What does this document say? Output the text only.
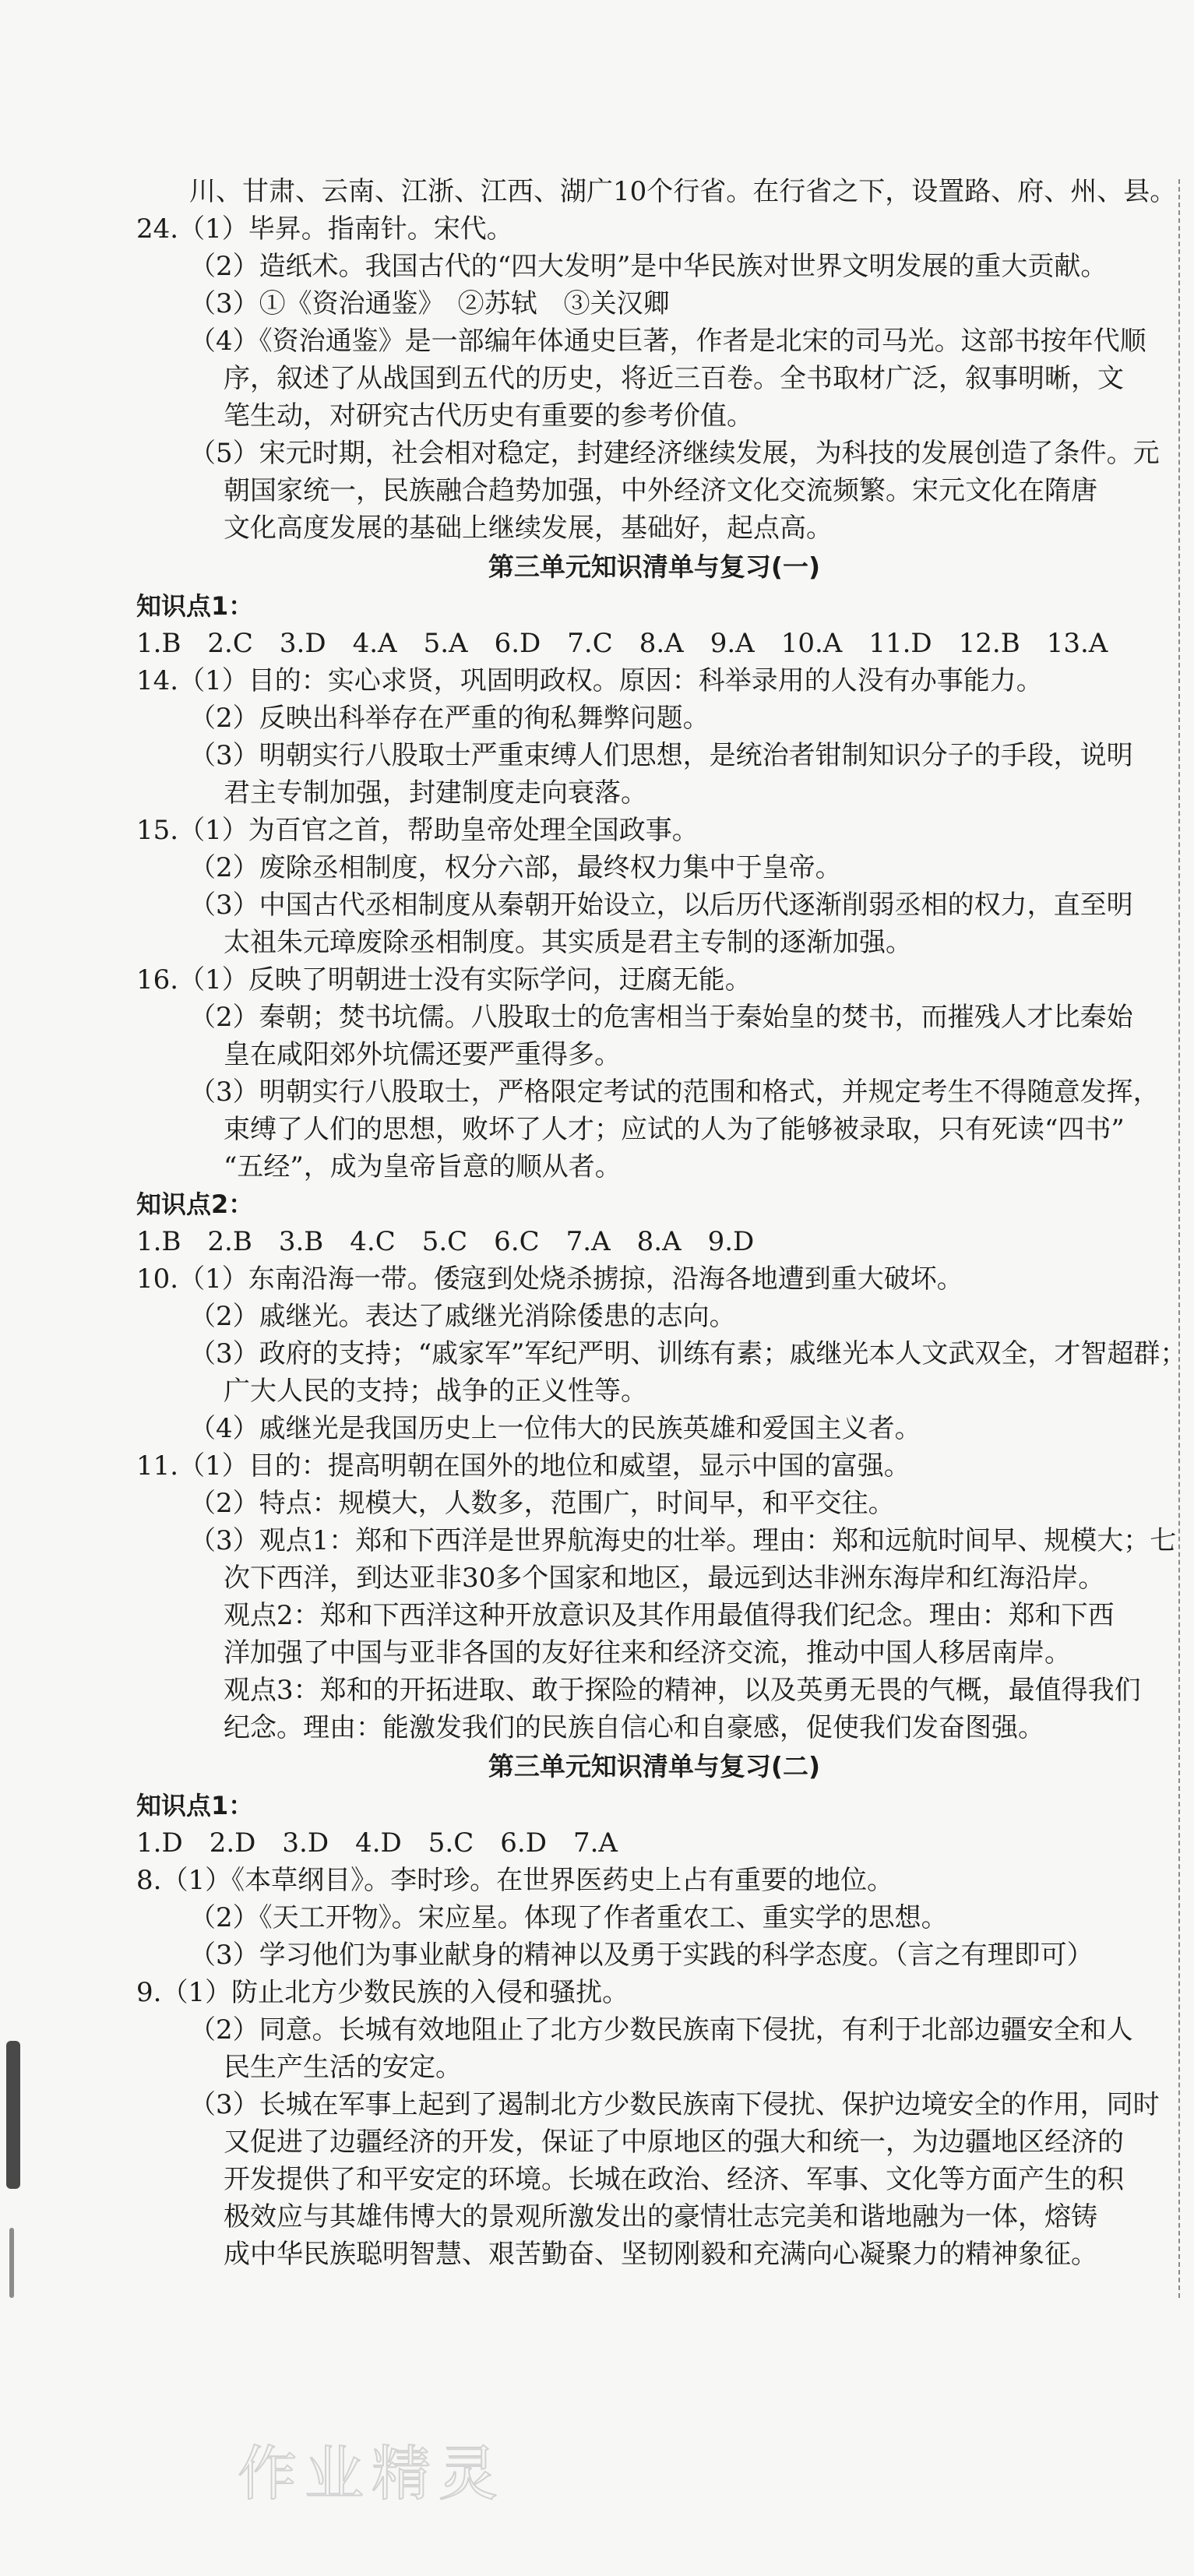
川、甘肃、云南、江浙、江西、湖广10个行省。在行省之下，设置路、府、州、县。
24.（1）毕昇。指南针。宋代。
（2）造纸术。我国古代的“四大发明”是中华民族对世界文明发展的重大贡献。
（3）①《资治通鉴》　②苏轼　③关汉卿
（4）《资治通鉴》是一部编年体通史巨著，作者是北宋的司马光。这部书按年代顺
序，叙述了从战国到五代的历史，将近三百卷。全书取材广泛，叙事明晰，文
笔生动，对研究古代历史有重要的参考价值。
（5）宋元时期，社会相对稳定，封建经济继续发展，为科技的发展创造了条件。元
朝国家统一，民族融合趋势加强，中外经济文化交流频繁。宋元文化在隋唐
文化高度发展的基础上继续发展，基础好，起点高。
第三单元知识清单与复习(一)
知识点1：
1.B　2.C　3.D　4.A　5.A　6.D　7.C　8.A　9.A　10.A　11.D　12.B　13.A
14.（1）目的：实心求贤，巩固明政权。原因：科举录用的人没有办事能力。
（2）反映出科举存在严重的徇私舞弊问题。
（3）明朝实行八股取士严重束缚人们思想，是统治者钳制知识分子的手段，说明
君主专制加强，封建制度走向衰落。
15.（1）为百官之首，帮助皇帝处理全国政事。
（2）废除丞相制度，权分六部，最终权力集中于皇帝。
（3）中国古代丞相制度从秦朝开始设立，以后历代逐渐削弱丞相的权力，直至明
太祖朱元璋废除丞相制度。其实质是君主专制的逐渐加强。
16.（1）反映了明朝进士没有实际学问，迂腐无能。
（2）秦朝；焚书坑儒。八股取士的危害相当于秦始皇的焚书，而摧残人才比秦始
皇在咸阳郊外坑儒还要严重得多。
（3）明朝实行八股取士，严格限定考试的范围和格式，并规定考生不得随意发挥，
束缚了人们的思想，败坏了人才；应试的人为了能够被录取，只有死读“四书”
“五经”，成为皇帝旨意的顺从者。
知识点2：
1.B　2.B　3.B　4.C　5.C　6.C　7.A　8.A　9.D
10.（1）东南沿海一带。倭寇到处烧杀掳掠，沿海各地遭到重大破坏。
（2）戚继光。表达了戚继光消除倭患的志向。
（3）政府的支持；“戚家军”军纪严明、训练有素；戚继光本人文武双全，才智超群；
广大人民的支持；战争的正义性等。
（4）戚继光是我国历史上一位伟大的民族英雄和爱国主义者。
11.（1）目的：提高明朝在国外的地位和威望，显示中国的富强。
（2）特点：规模大，人数多，范围广，时间早，和平交往。
（3）观点1：郑和下西洋是世界航海史的壮举。理由：郑和远航时间早、规模大；七
次下西洋，到达亚非30多个国家和地区，最远到达非洲东海岸和红海沿岸。
观点2：郑和下西洋这种开放意识及其作用最值得我们纪念。理由：郑和下西
洋加强了中国与亚非各国的友好往来和经济交流，推动中国人移居南岸。
观点3：郑和的开拓进取、敢于探险的精神，以及英勇无畏的气概，最值得我们
纪念。理由：能激发我们的民族自信心和自豪感，促使我们发奋图强。
第三单元知识清单与复习(二)
知识点1：
1.D　2.D　3.D　4.D　5.C　6.D　7.A
8.（1）《本草纲目》。李时珍。在世界医药史上占有重要的地位。
（2）《天工开物》。宋应星。体现了作者重农工、重实学的思想。
（3）学习他们为事业献身的精神以及勇于实践的科学态度。（言之有理即可）
9.（1）防止北方少数民族的入侵和骚扰。
（2）同意。长城有效地阻止了北方少数民族南下侵扰，有利于北部边疆安全和人
民生产生活的安定。
（3）长城在军事上起到了遏制北方少数民族南下侵扰、保护边境安全的作用，同时
又促进了边疆经济的开发，保证了中原地区的强大和统一，为边疆地区经济的
开发提供了和平安定的环境。长城在政治、经济、军事、文化等方面产生的积
极效应与其雄伟博大的景观所激发出的豪情壮志完美和谐地融为一体，熔铸
成中华民族聪明智慧、艰苦勤奋、坚韧刚毅和充满向心凝聚力的精神象征。
作业精灵
